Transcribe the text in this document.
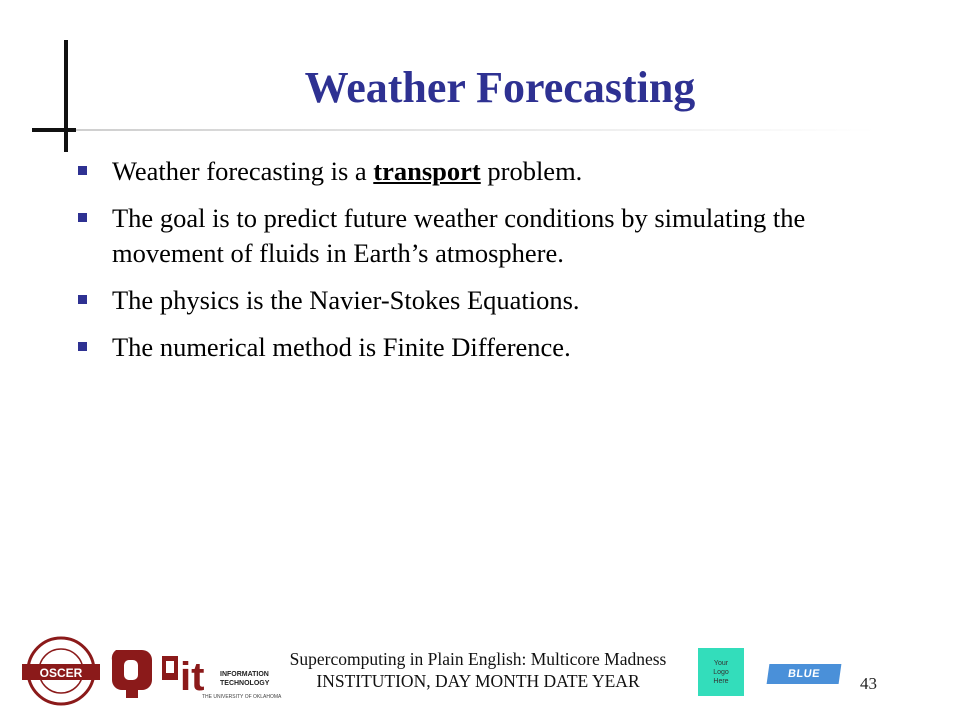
Weather Forecasting
Weather forecasting is a transport problem.
The goal is to predict future weather conditions by simulating the movement of fluids in Earth’s atmosphere.
The physics is the Navier-Stokes Equations.
The numerical method is Finite Difference.
OSCER
OU it INFORMATION
TECHNOLOGY
THE UNIVERSITY OF OKLAHOMA
Supercomputing in Plain English: Multicore Madness
INSTITUTION, DAY MONTH DATE YEAR
Your
Logo
Here
BLUE WATERS
43
